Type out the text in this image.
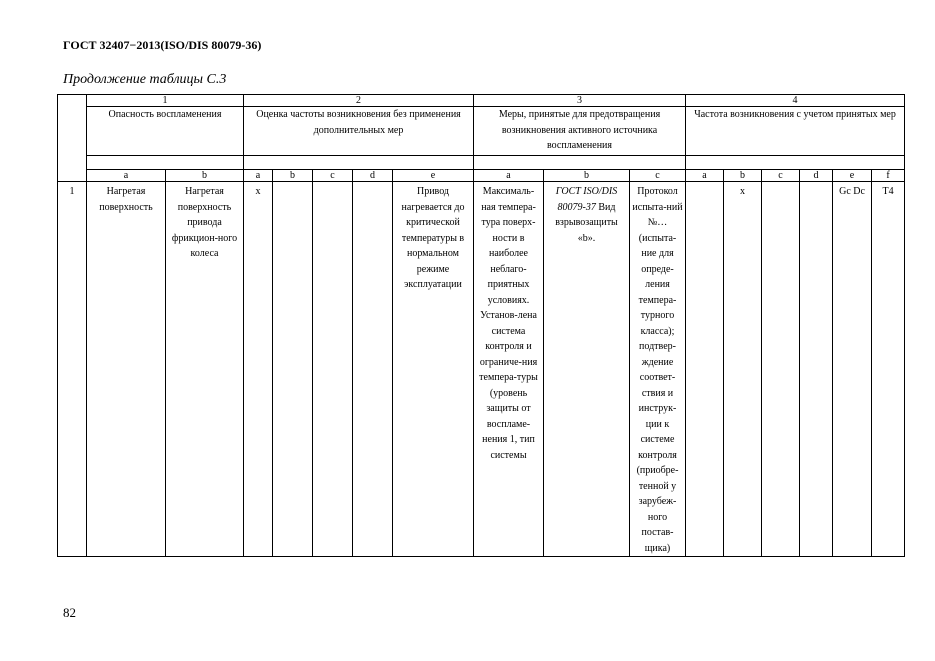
ГОСТ 32407−2013(ISO/DIS 80079-36)
Продолжение таблицы С.3
	1		2					3			4					
	Опасность воспламенения		Оценка частоты возникновения без применения дополнительных мер					Меры, принятые для предотвращения возникновения активного источника воспламенения			Частота возникновения с учетом принятых мер					

	a	b	a	b	c	d	e	a	b	c	a	b	c	d	e	f
1	Нагретая поверхность	Нагретая поверхность привода фрикцион-ного колеса	x				Привод нагревается до критической температуры в нормальном режиме эксплуатации	Максималь-ная темпера-тура поверх-ности в наиболее неблаго-приятных условиях. Установ-лена система контроля и ограниче-ния темпера-туры (уровень защиты от воспламе-нения 1, тип системы	ГОСТ ISO/DIS 80079-37 Вид взрывозащиты «b».	Протокол испыта-ний №… (испыта-ние для опреде-ления темпера-турного класса); подтвер-ждение соответ-ствия и инструк-ции к системе контроля (приобре-тенной у зарубеж-ного постав-щика)		x			Gc Dc	T4
82
